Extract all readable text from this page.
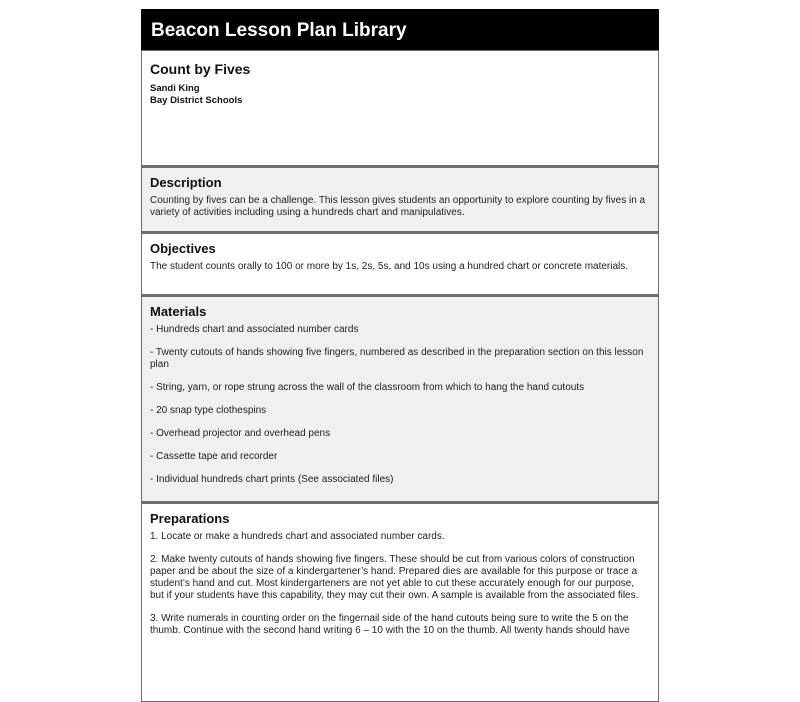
Beacon Lesson Plan Library
Count by Fives
Sandi King
Bay District Schools
Description

Counting by fives can be a challenge. This lesson gives students an opportunity to explore counting by fives in a variety of activities including using a hundreds chart and manipulatives.

Objectives

The student counts orally to 100 or more by 1s, 2s, 5s, and 10s using a hundred chart or concrete materials.

Materials

- Hundreds chart and associated number cards

- Twenty cutouts of hands showing five fingers, numbered as described in the preparation section on this lesson plan

- String, yarn, or rope strung across the wall of the classroom from which to hang the hand cutouts

- 20 snap type clothespins

- Overhead projector and overhead pens

- Cassette tape and recorder

- Individual hundreds chart prints (See associated files)

Preparations

1. Locate or make a hundreds chart and associated number cards.

2. Make twenty cutouts of hands showing five fingers. These should be cut from various colors of construction paper and be about the size of a kindergartener’s hand. Prepared dies are available for this purpose or trace a student’s hand and cut. Most kindergarteners are not yet able to cut these accurately enough for our purpose, but if your students have this capability, they may cut their own. A sample is available from the associated files.

3. Write numerals in counting order on the fingernail side of the hand cutouts being sure to write the 5 on the thumb. Continue with the second hand writing 6 – 10 with the 10 on the thumb. All twenty hands should have
